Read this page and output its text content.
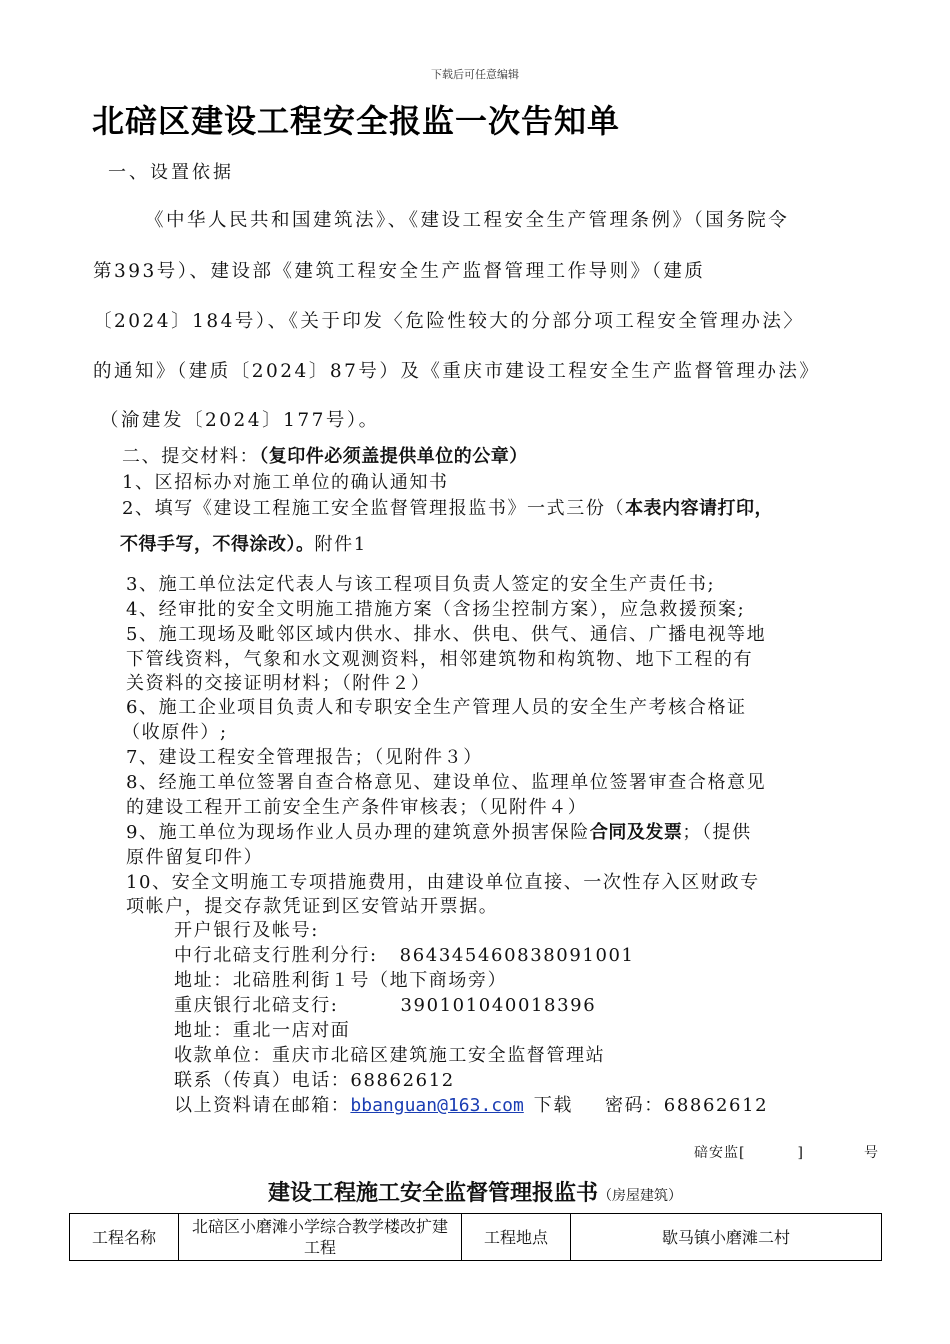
下载后可任意编辑
北碚区建设工程安全报监一次告知单
一、设置依据
《中华人民共和国建筑法》、《建设工程安全生产管理条例》（国务院令
第393号）、建设部《建筑工程安全生产监督管理工作导则》（建质
〔2024〕184号）、《关于印发〈危险性较大的分部分项工程安全管理办法〉
的通知》（建质〔2024〕87号）及《重庆市建设工程安全生产监督管理办法》
（渝建发〔2024〕177号）。
二、提交材料：（复印件必须盖提供单位的公章）
1、区招标办对施工单位的确认通知书
2、填写《建设工程施工安全监督管理报监书》一式三份（本表内容请打印，
不得手写，不得涂改）。附件1
3、施工单位法定代表人与该工程项目负责人签定的安全生产责任书;
4、经审批的安全文明施工措施方案（含扬尘控制方案），应急救援预案;
5、施工现场及毗邻区域内供水、排水、供电、供气、通信、广播电视等地
下管线资料，气象和水文观测资料，相邻建筑物和构筑物、地下工程的有
关资料的交接证明材料；（附件２）
6、施工企业项目负责人和专职安全生产管理人员的安全生产考核合格证
（收原件）;
7、建设工程安全管理报告；（见附件３）
8、经施工单位签署自查合格意见、建设单位、监理单位签署审查合格意见
的建设工程开工前安全生产条件审核表；（见附件４）
9、施工单位为现场作业人员办理的建筑意外损害保险合同及发票；（提供
原件留复印件）
10、安全文明施工专项措施费用，由建设单位直接、一次性存入区财政专
项帐户，提交存款凭证到区安管站开票据。
开户银行及帐号:
中行北碚支行胜利分行: 864345460838091001
地址：北碚胜利街１号（地下商场旁）
重庆银行北碚支行:	390101040018396
地址：重北一店对面
收款单位：重庆市北碚区建筑施工安全监督管理站
联系（传真）电话：68862612
以上资料请在邮箱：bbanguan@163.com 下载 密码：68862612
碚安监[	]	号
建设工程施工安全监督管理报监书（房屋建筑）
工程名称	北碚区小磨滩小学综合教学楼改扩建工程	工程地点	歇马镇小磨滩二村
